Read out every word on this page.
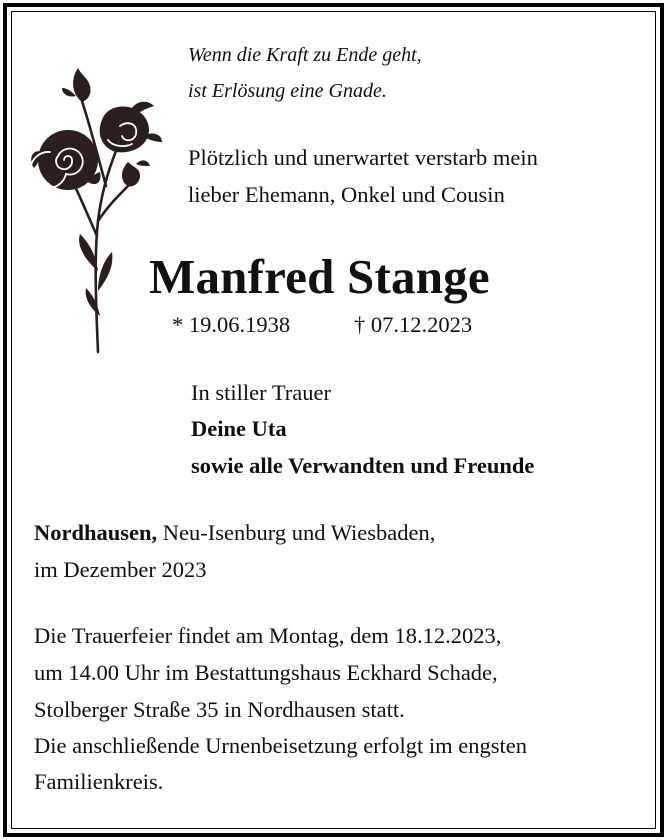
Wenn die Kraft zu Ende geht,
ist Erlösung eine Gnade.
Plötzlich und unerwartet verstarb mein
lieber Ehemann, Onkel und Cousin
Manfred Stange
* 19.06.1938	† 07.12.2023
In stiller Trauer
Deine Uta
sowie alle Verwandten und Freunde
Nordhausen, Neu-Isenburg und Wiesbaden,
im Dezember 2023
Die Trauerfeier findet am Montag, dem 18.12.2023,
um 14.00 Uhr im Bestattungshaus Eckhard Schade,
Stolberger Straße 35 in Nordhausen statt.
Die anschließende Urnenbeisetzung erfolgt im engsten
Familienkreis.
